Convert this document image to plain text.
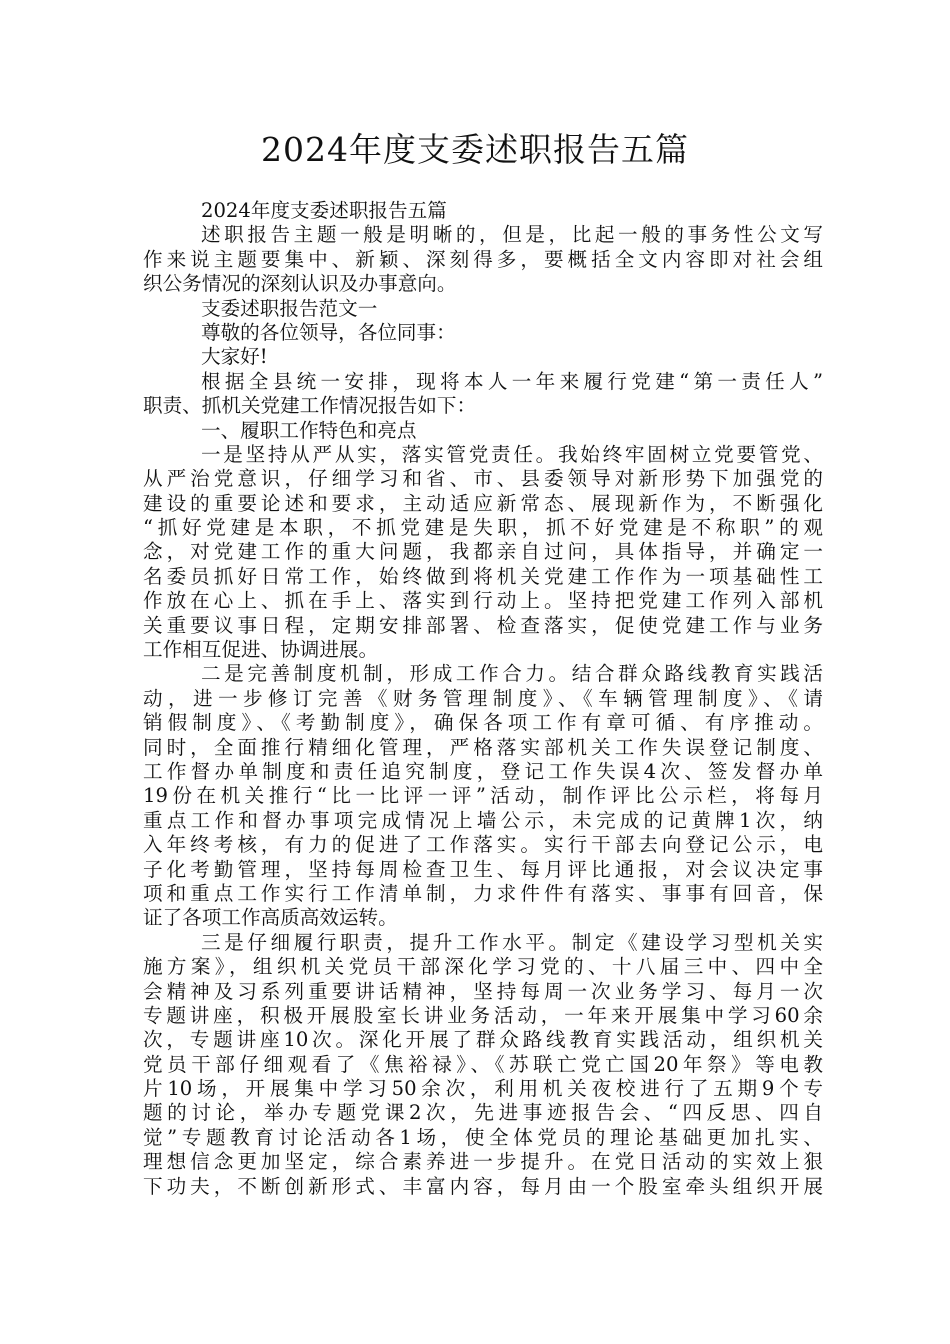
2024年度支委述职报告五篇
2024年度支委述职报告五篇
述职报告主题一般是明晰的，但是，比起一般的事务性公文写
作来说主题要集中、新颖、深刻得多，要概括全文内容即对社会组
织公务情况的深刻认识及办事意向。
支委述职报告范文一
尊敬的各位领导，各位同事：
大家好!
根据全县统一安排，现将本人一年来履行党建“第一责任人”
职责、抓机关党建工作情况报告如下：
一、履职工作特色和亮点
一是坚持从严从实，落实管党责任。我始终牢固树立党要管党、
从严治党意识，仔细学习和省、市、县委领导对新形势下加强党的
建设的重要论述和要求，主动适应新常态、展现新作为，不断强化
“抓好党建是本职，不抓党建是失职，抓不好党建是不称职”的观
念，对党建工作的重大问题，我都亲自过问，具体指导，并确定一
名委员抓好日常工作，始终做到将机关党建工作作为一项基础性工
作放在心上、抓在手上、落实到行动上。坚持把党建工作列入部机
关重要议事日程，定期安排部署、检查落实，促使党建工作与业务
工作相互促进、协调进展。
二是完善制度机制，形成工作合力。结合群众路线教育实践活
动，进一步修订完善《财务管理制度》、《车辆管理制度》、《请
销假制度》、《考勤制度》，确保各项工作有章可循、有序推动。
同时，全面推行精细化管理，严格落实部机关工作失误登记制度、
工作督办单制度和责任追究制度，登记工作失误4次、签发督办单
19份在机关推行“比一比评一评”活动，制作评比公示栏，将每月
重点工作和督办事项完成情况上墙公示，未完成的记黄牌1次，纳
入年终考核，有力的促进了工作落实。实行干部去向登记公示，电
子化考勤管理，坚持每周检查卫生、每月评比通报，对会议决定事
项和重点工作实行工作清单制，力求件件有落实、事事有回音，保
证了各项工作高质高效运转。
三是仔细履行职责，提升工作水平。制定《建设学习型机关实
施方案》，组织机关党员干部深化学习党的、十八届三中、四中全
会精神及习系列重要讲话精神，坚持每周一次业务学习、每月一次
专题讲座，积极开展股室长讲业务活动，一年来开展集中学习60余
次，专题讲座10次。深化开展了群众路线教育实践活动，组织机关
党员干部仔细观看了《焦裕禄》、《苏联亡党亡国20年祭》等电教
片10场，开展集中学习50余次，利用机关夜校进行了五期9个专
题的讨论，举办专题党课2次，先进事迹报告会、“四反思、四自
觉”专题教育讨论活动各1场，使全体党员的理论基础更加扎实、
理想信念更加坚定，综合素养进一步提升。在党日活动的实效上狠
下功夫，不断创新形式、丰富内容，每月由一个股室牵头组织开展
